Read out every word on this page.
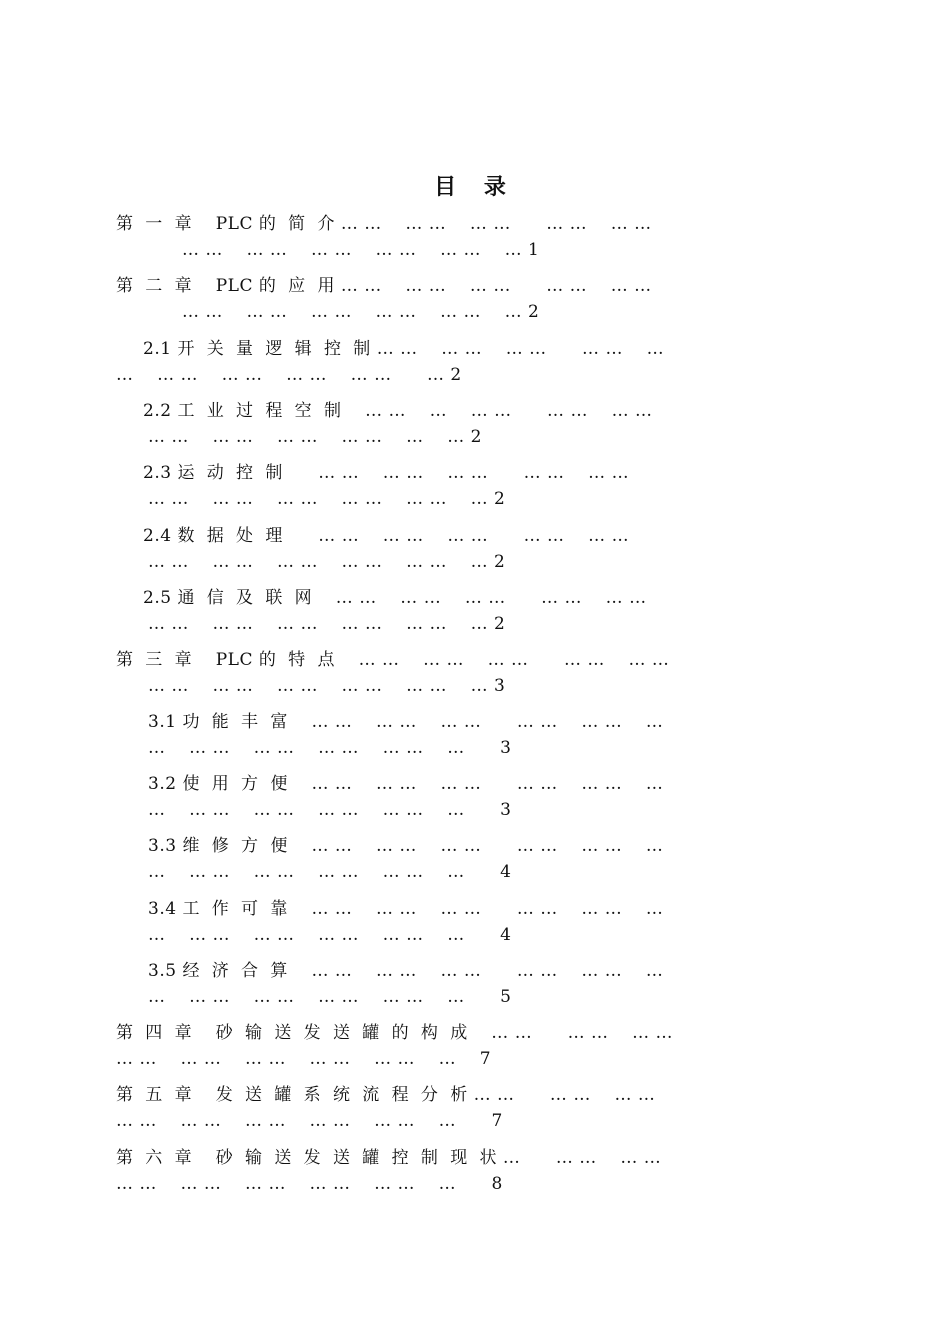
目 录
第  一  章    PLC 的  简  介 … …    … …    … …      … …    … …
… …    … …    … …    … …    … …    … 1
第  二  章    PLC 的  应  用 … …    … …    … …      … …    … …
… …    … …    … …    … …    … …    … 2
2.1 开  关  量  逻  辑  控  制 … …    … …    … …      … …    …
…    … …    … …    … …    … …      … 2
2.2 工  业  过  程  空  制    … …    …    … …      … …    … …
… …    … …    … …    … …    …    … 2
2.3 运  动  控  制      … …    … …    … …      … …    … …
… …    … …    … …    … …    … …    … 2
2.4 数  据  处  理      … …    … …    … …      … …    … …
… …    … …    … …    … …    … …    … 2
2.5 通  信  及  联  网    … …    … …    … …      … …    … …
… …    … …    … …    … …    … …    … 2
第  三  章    PLC 的  特  点    … …    … …    … …      … …    … …
… …    … …    … …    … …    … …    … 3
3.1 功  能  丰  富    … …    … …    … …      … …    … …    …
…    … …    … …    … …    … …    …      3
3.2 使  用  方  便    … …    … …    … …      … …    … …    …
…    … …    … …    … …    … …    …      3
3.3 维  修  方  便    … …    … …    … …      … …    … …    …
…    … …    … …    … …    … …    …      4
3.4 工  作  可  靠    … …    … …    … …      … …    … …    …
…    … …    … …    … …    … …    …      4
3.5 经  济  合  算    … …    … …    … …      … …    … …    …
…    … …    … …    … …    … …    …      5
第  四  章    砂  输  送  发  送  罐  的  构  成    … …      … …    … …
… …    … …    … …    … …    … …    …    7
第  五  章    发  送  罐  系  统  流  程  分  析 … …      … …    … …
… …    … …    … …    … …    … …    …      7
第  六  章    砂  输  送  发  送  罐  控  制  现  状 …      … …    … …
… …    … …    … …    … …    … …    …      8
